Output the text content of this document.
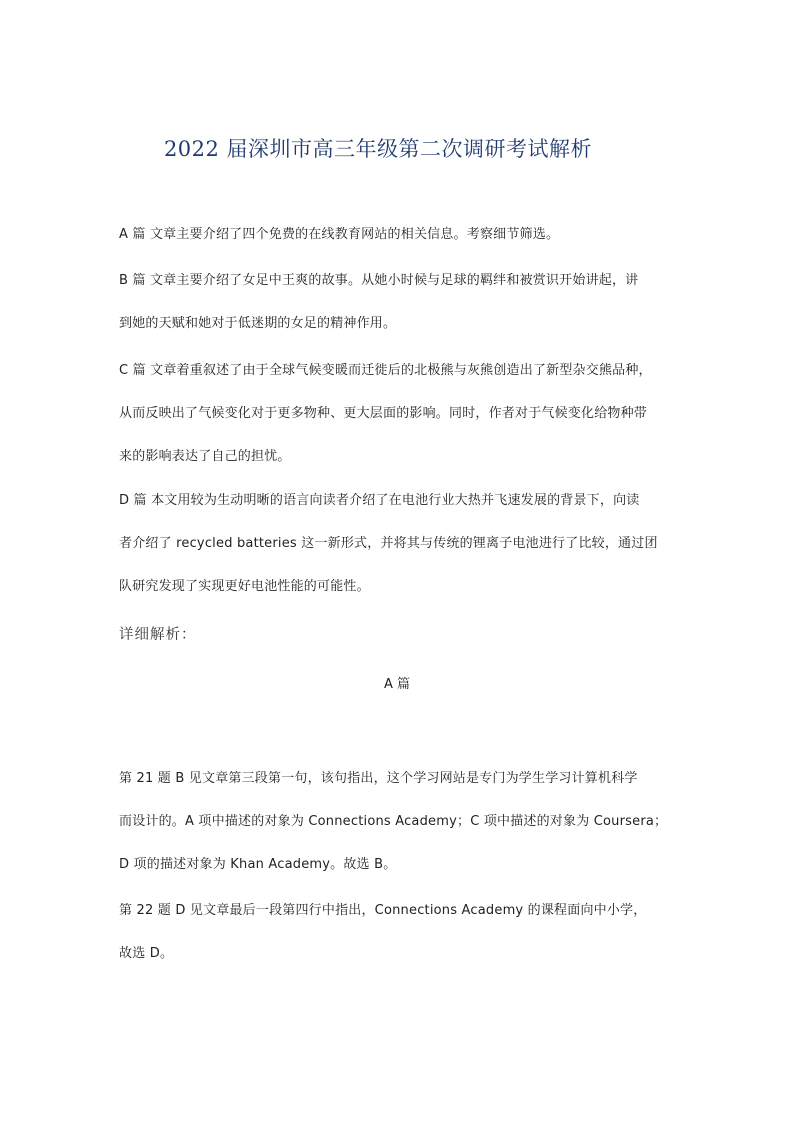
2022 届深圳市高三年级第二次调研考试解析
A 篇 文章主要介绍了四个免费的在线教育网站的相关信息。考察细节筛选。
B 篇 文章主要介绍了女足中王爽的故事。从她小时候与足球的羁绊和被赏识开始讲起，讲
到她的天赋和她对于低迷期的女足的精神作用。
C 篇 文章着重叙述了由于全球气候变暖而迁徙后的北极熊与灰熊创造出了新型杂交熊品种，
从而反映出了气候变化对于更多物种、更大层面的影响。同时，作者对于气候变化给物种带
来的影响表达了自己的担忧。
D 篇 本文用较为生动明晰的语言向读者介绍了在电池行业大热并飞速发展的背景下，向读
者介绍了 recycled batteries 这一新形式，并将其与传统的锂离子电池进行了比较，通过团
队研究发现了实现更好电池性能的可能性。
详细解析：
A 篇
第 21 题 B 见文章第三段第一句，该句指出，这个学习网站是专门为学生学习计算机科学
而设计的。A 项中描述的对象为 Connections Academy；C 项中描述的对象为 Coursera；
D 项的描述对象为 Khan Academy。故选 B。
第 22 题 D 见文章最后一段第四行中指出，Connections Academy 的课程面向中小学，
故选 D。
